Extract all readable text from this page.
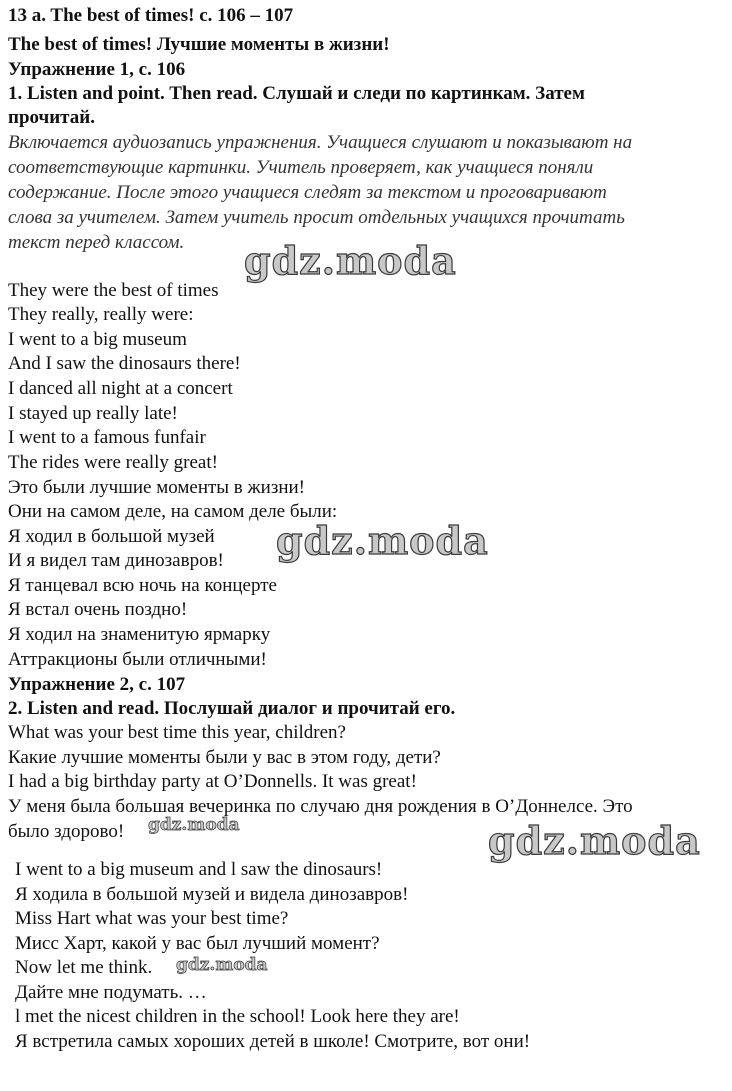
13 a. The best of times! c. 106 – 107
The best of times! Лучшие моменты в жизни!
Упражнение 1, с. 106
1. Listen and point. Then read. Слушай и следи по картинкам. Затем
прочитай.
Включается аудиозапись упражнения. Учащиеся слушают и показывают на
соответствующие картинки. Учитель проверяет, как учащиеся поняли
содержание. После этого учащиеся следят за текстом и проговаривают
слова за учителем. Затем учитель просит отдельных учащихся прочитать
текст перед классом.
They were the best of times
They really, really were:
I went to a big museum
And I saw the dinosaurs there!
I danced all night at a concert
I stayed up really late!
I went to a famous funfair
The rides were really great!
Это были лучшие моменты в жизни!
Они на самом деле, на самом деле были:
Я ходил в большой музей
И я видел там динозавров!
Я танцевал всю ночь на концерте
Я встал очень поздно!
Я ходил на знаменитую ярмарку
Аттракционы были отличными!
Упражнение 2, с. 107
2. Listen and read. Послушай диалог и прочитай его.
What was your best time this year, children?
Какие лучшие моменты были у вас в этом году, дети?
I had a big birthday party at O’Donnells. It was great!
У меня была большая вечеринка по случаю дня рождения в О’Доннелсе. Это
было здорово!
I went to a big museum and l saw the dinosaurs!
Я ходила в большой музей и видела динозавров!
Miss Hart what was your best time?
Мисс Харт, какой у вас был лучший момент?
Now let me think.
Дайте мне подумать. …
l met the nicest children in the school! Look here they are!
Я встретила самых хороших детей в школе! Смотрите, вот они!
gdz.moda
gdz.moda
gdz.moda
gdz.moda
gdz.moda
